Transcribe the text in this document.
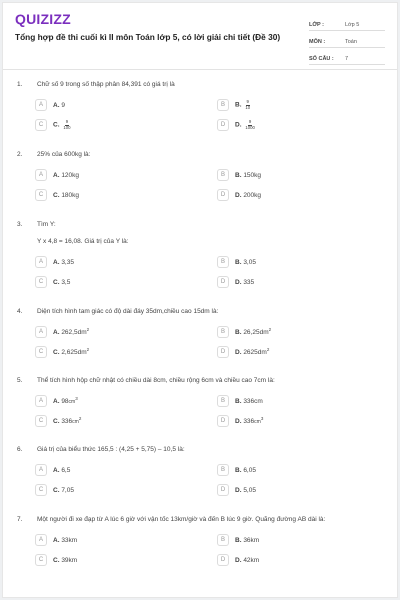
QUIZIZZ
Tổng hợp đề thi cuối kì II môn Toán lớp 5, có lời giải chi tiết (Đề 30)
LỚP :	Lớp 5
MÔN :	Toán
SỐ CÂU :	7
1. Chữ số 9 trong số thập phân 84,391 có giá trị là
A	A. 9	B	B. $\frac{9}{10}$
C	C. $\frac{9}{100}$	D	D. $\frac{9}{1000}$
2. 25% của 600kg là:
A	A. 120kg	B	B. 150kg
C	C. 180kg	D	D. 200kg
3. Tìm Y:
Y x 4,8 = 16,08. Giá trị của Y là:
A	A. 3,35	B	B. 3,05
C	C. 3,5	D	D. 335
4. Diện tích hình tam giác có độ dài đáy 35dm,chiều cao 15dm là:
A	A. $262,5dm^2$	B	B. $26,25dm^2$
C	C. $2,625dm^2$	D	D. $2625dm^2$
5. Thể tích hình hộp chữ nhật có chiều dài 8cm, chiều rộng 6cm và chiều cao 7cm là:
A	A. $98cm^3$	B	B. 336cm
C	C. $336cm^2$	D	D. $336cm^3$
6. Giá trị của biểu thức 165,5 : (4,25 + 5,75) – 10,5 là:
A	A. 6,5	B	B. 6,05
C	C. 7,05	D	D. 5,05
7. Một người đi xe đạp từ A lúc 6 giờ với vận tốc 13km/giờ và đến B lúc 9 giờ. Quãng đường AB dài là:
A	A. 33km	B	B. 36km
C	C. 39km	D	D. 42km
